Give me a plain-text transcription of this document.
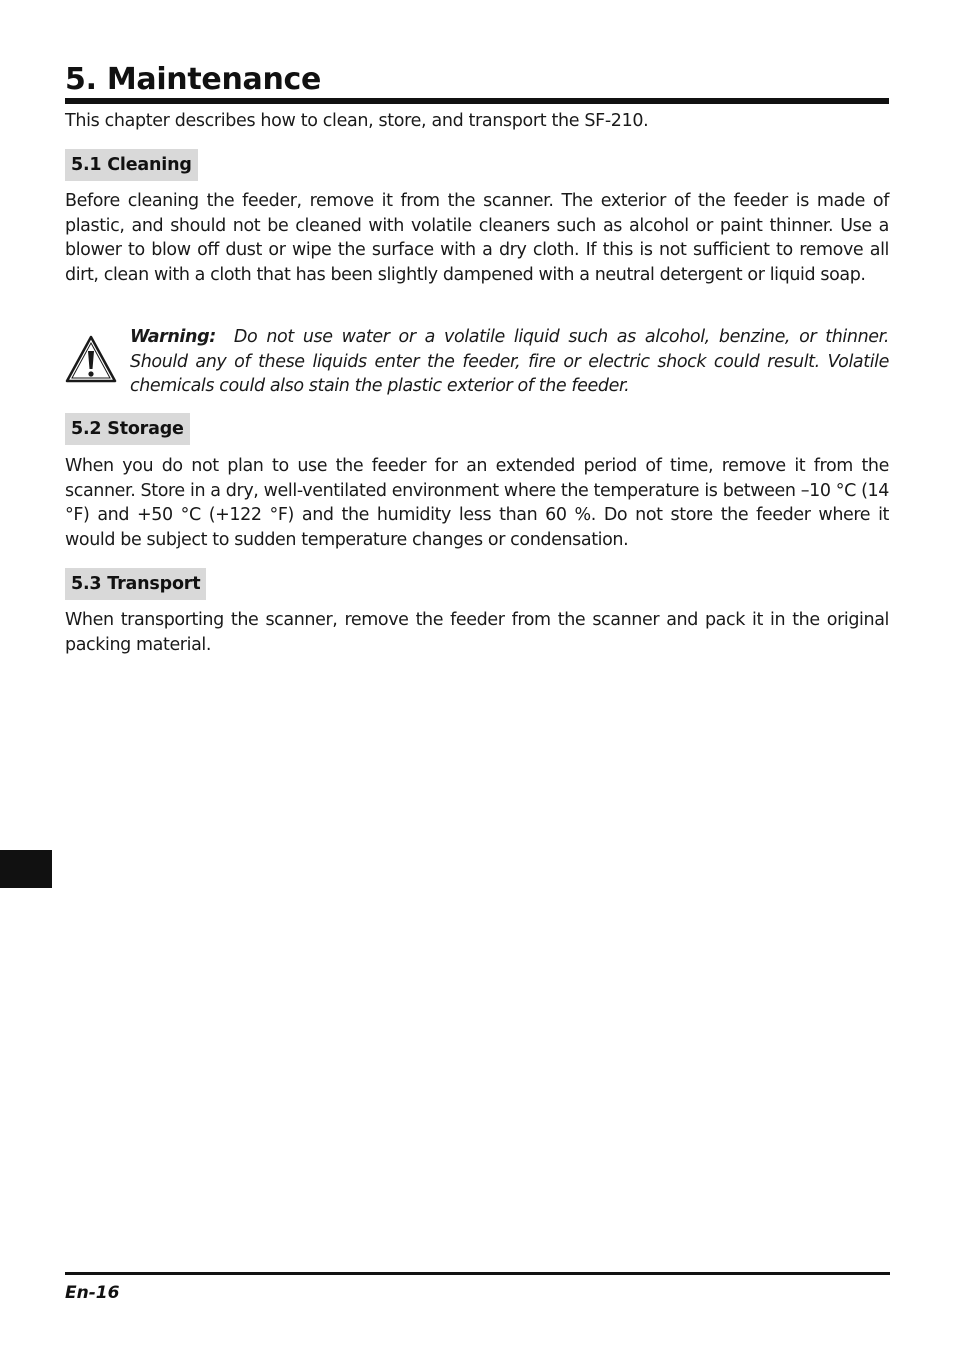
5. Maintenance

This chapter describes how to clean, store, and transport the SF-210.

5.1 Cleaning

Before cleaning the feeder, remove it from the scanner. The exterior of the feeder is made of plastic, and should not be cleaned with volatile cleaners such as alcohol or paint thinner. Use a blower to blow off dust or wipe the surface with a dry cloth. If this is not sufficient to remove all dirt, clean with a cloth that has been slightly dampened with a neutral detergent or liquid soap.

Warning: Do not use water or a volatile liquid such as alcohol, benzine, or thinner. Should any of these liquids enter the feeder, fire or electric shock could result. Volatile chemicals could also stain the plastic exterior of the feeder.

5.2 Storage

When you do not plan to use the feeder for an extended period of time, remove it from the scanner. Store in a dry, well-ventilated environment where the temperature is between –10 °C (14 °F) and +50 °C (+122 °F) and the humidity less than 60 %. Do not store the feeder where it would be subject to sudden temperature changes or condensation.

5.3 Transport

When transporting the scanner, remove the feeder from the scanner and pack it in the original packing material.

En-16
